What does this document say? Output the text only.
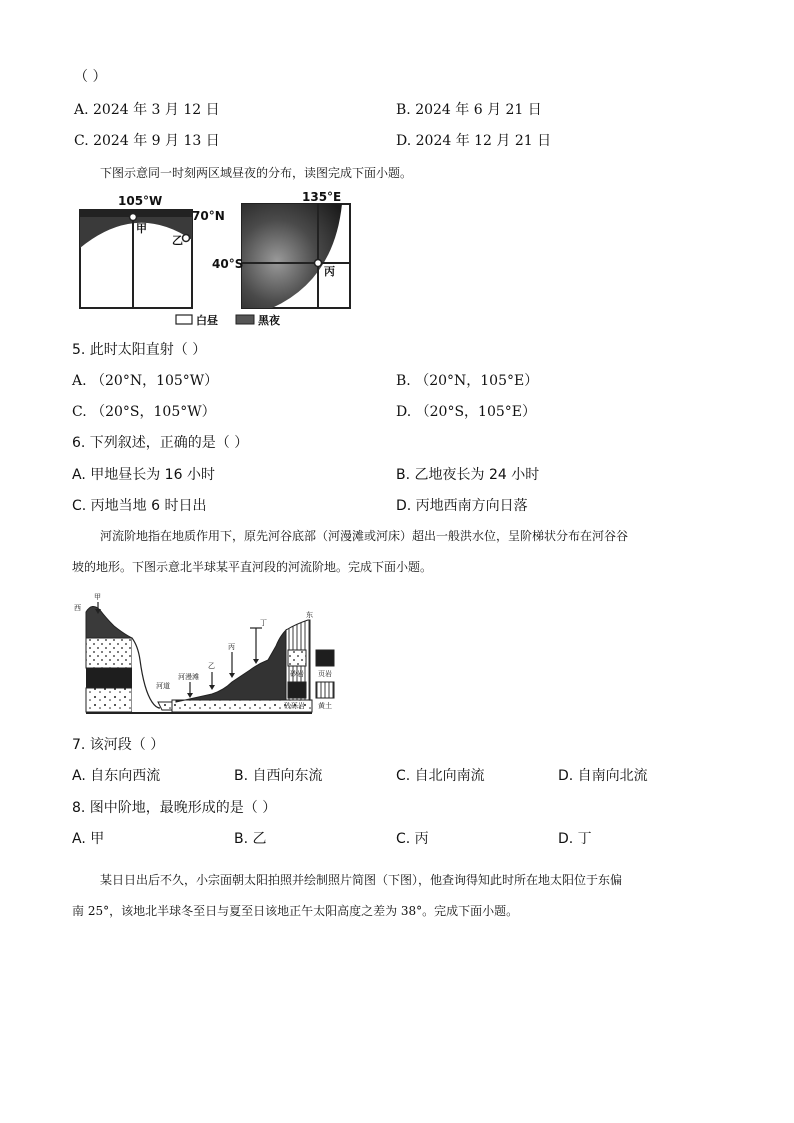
（ ）
A. 2024 年 3 月 12 日	B. 2024 年 6 月 21 日
C. 2024 年 9 月 13 日	D. 2024 年 12 月 21 日
下图示意同一时刻两区域昼夜的分布，读图完成下面小题。
105°W
70°N
甲
乙
135°E
40°S
丙
白昼	黑夜
5. 此时太阳直射（ ）
A. （20°N，105°W）	B. （20°N，105°E）
C. （20°S，105°W）	D. （20°S，105°E）
6. 下列叙述，正确的是（ ）
A. 甲地昼长为 16 小时	B. 乙地夜长为 24 小时
C. 丙地当地 6 时日出	D. 丙地西南方向日落
河流阶地指在地质作用下，原先河谷底部（河漫滩或河床）超出一般洪水位，呈阶梯状分布在河谷谷
坡的地形。下图示意北半球某平直河段的河流阶地。完成下面小题。
西
甲
东
乙
丙
丁
河道
河漫滩	砂岩 页岩
砂砾岩 黄土
7. 该河段（ ）
A. 自东向西流	B. 自西向东流	C. 自北向南流	D. 自南向北流
8. 图中阶地，最晚形成的是（ ）
A. 甲	B. 乙	C. 丙	D. 丁
某日日出后不久，小宗面朝太阳拍照并绘制照片简图（下图），他查询得知此时所在地太阳位于东偏
南 25°，该地北半球冬至日与夏至日该地正午太阳高度之差为 38°。完成下面小题。
